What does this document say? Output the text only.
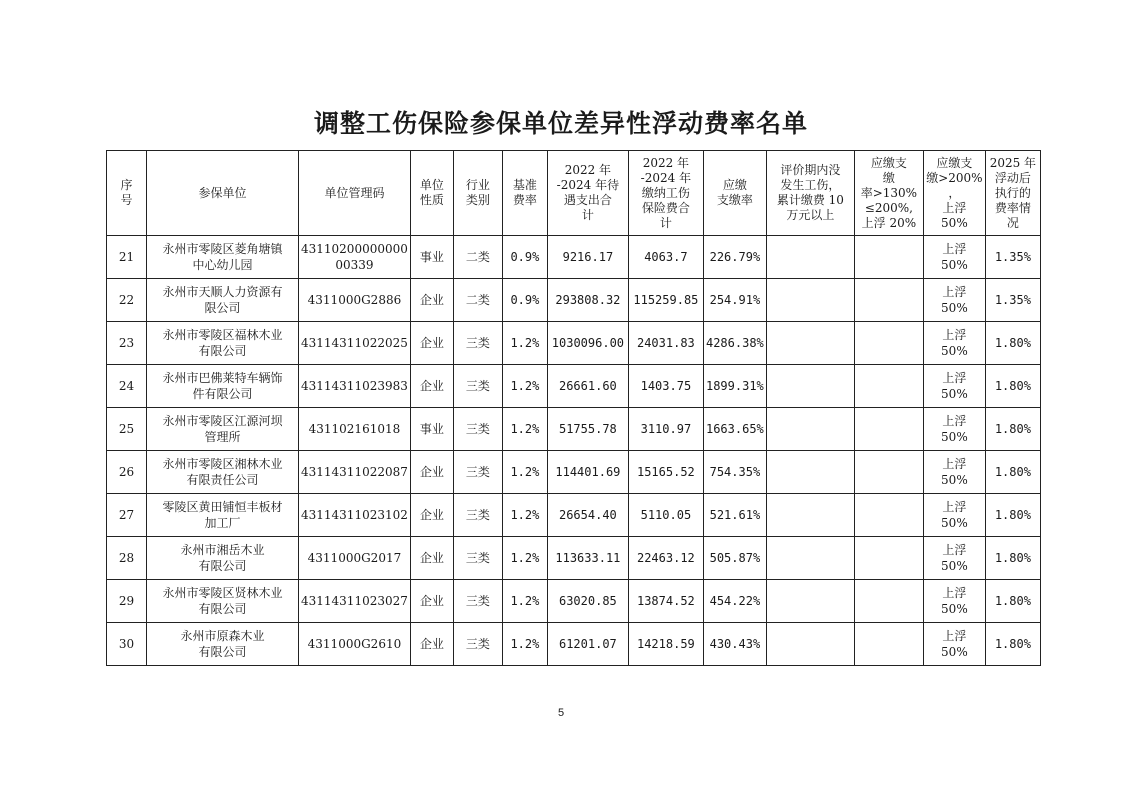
调整工伤保险参保单位差异性浮动费率名单
序
号	参保单位	单位管理码	单位
性质	行业
类别	基准
费率	2022 年
-2024 年待
遇支出合
计	2022 年
-2024 年
缴纳工伤
保险费合
计	应缴
支缴率	评价期内没
发生工伤，
累计缴费 10
万元以上	应缴支
缴
率>130%
≤200%,
上浮 20%	应缴支
缴>200%
，
上浮
50%	2025 年
浮动后
执行的
费率情
况

21	永州市零陵区菱角塘镇
中心幼儿园	43110200000000
00339	事业	二类	0.9%	9216.17	4063.7	226.79%			上浮
50%	1.35%

22	永州市天顺人力资源有
限公司	4311000G2886	企业	二类	0.9%	293808.32	115259.85	254.91%			上浮
50%	1.35%

23	永州市零陵区福林木业
有限公司	43114311022025	企业	三类	1.2%	1030096.00	24031.83	4286.38%			上浮
50%	1.80%

24	永州市巴佛莱特车辆饰
件有限公司	43114311023983	企业	三类	1.2%	26661.60	1403.75	1899.31%			上浮
50%	1.80%

25	永州市零陵区江源河坝
管理所	431102161018	事业	三类	1.2%	51755.78	3110.97	1663.65%			上浮
50%	1.80%

26	永州市零陵区湘林木业
有限责任公司	43114311022087	企业	三类	1.2%	114401.69	15165.52	754.35%			上浮
50%	1.80%

27	零陵区黄田铺恒丰板材
加工厂	43114311023102	企业	三类	1.2%	26654.40	5110.05	521.61%			上浮
50%	1.80%

28	永州市湘岳木业
有限公司	4311000G2017	企业	三类	1.2%	113633.11	22463.12	505.87%			上浮
50%	1.80%

29	永州市零陵区贤林木业
有限公司	43114311023027	企业	三类	1.2%	63020.85	13874.52	454.22%			上浮
50%	1.80%

30	永州市原森木业
有限公司	4311000G2610	企业	三类	1.2%	61201.07	14218.59	430.43%			上浮
50%	1.80%
5
